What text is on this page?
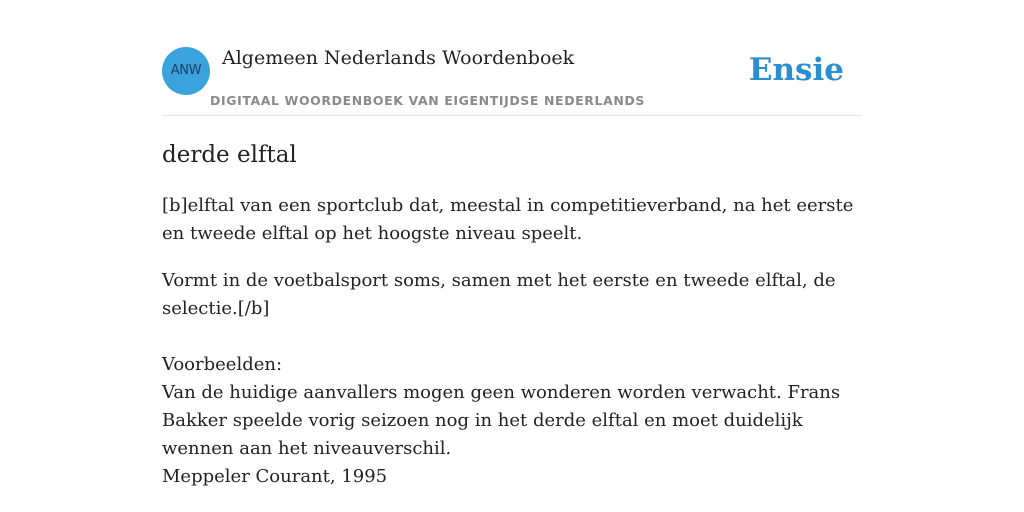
ANW
Algemeen Nederlands Woordenboek
DIGITAAL WOORDENBOEK VAN EIGENTIJDSE NEDERLANDS
Ensie
derde elftal

[b]elftal van een sportclub dat, meestal in competitieverband, na het eerste en tweede elftal op het hoogste niveau speelt.

Vormt in de voetbalsport soms, samen met het eerste en tweede elftal, de selectie.[/b]

Voorbeelden:
Van de huidige aanvallers mogen geen wonderen worden verwacht. Frans Bakker speelde vorig seizoen nog in het derde elftal en moet duidelijk wennen aan het niveauverschil.
Meppeler Courant, 1995
